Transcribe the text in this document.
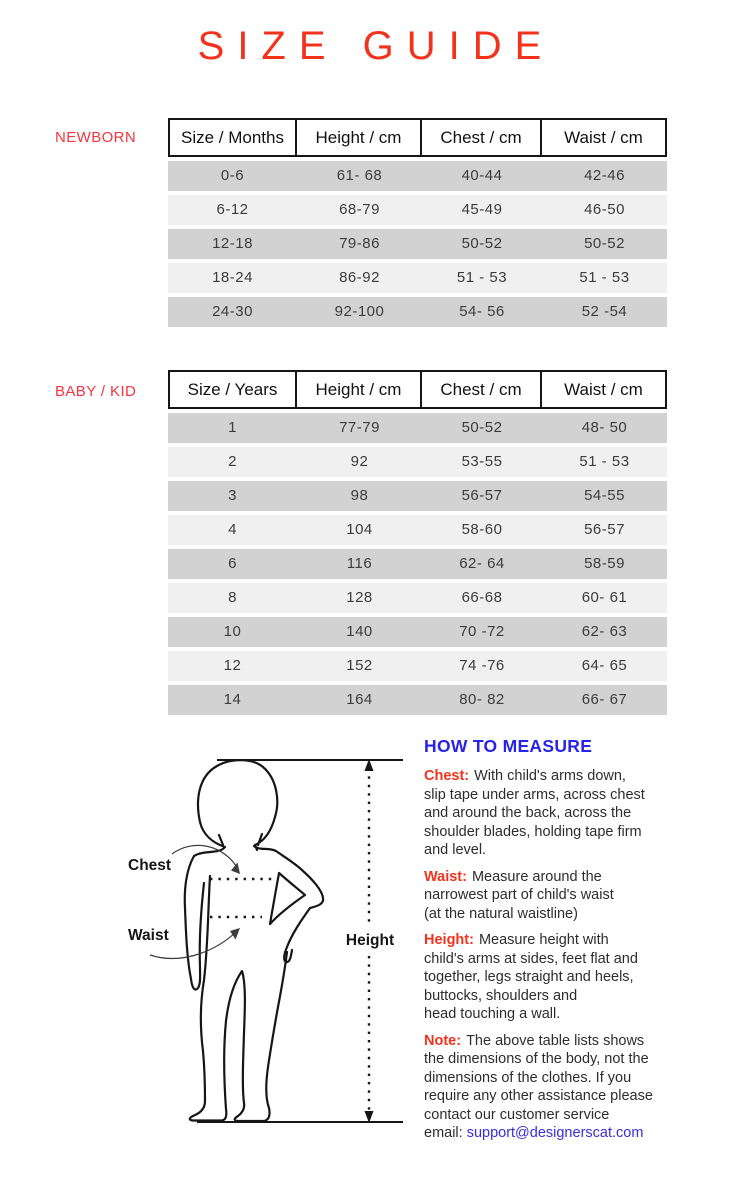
SIZE GUIDE
NEWBORN	Size / Months	Height / cm	Chest / cm	Waist / cm
0-6	61- 68	40-44	42-46
6-12	68-79	45-49	46-50
12-18	79-86	50-52	50-52
18-24	86-92	51 - 53	51 - 53
24-30	92-100	54- 56	52 -54
BABY / KID	Size / Years	Height / cm	Chest / cm	Waist / cm
1	77-79	50-52	48- 50
2	92	53-55	51 - 53
3	98	56-57	54-55
4	104	58-60	56-57
6	116	62- 64	58-59
8	128	66-68	60- 61
10	140	70 -72	62- 63
12	152	74 -76	64- 65
14	164	80- 82	66- 67
Height
Chest
Waist
HOW TO MEASURE

Chest: With child's arms down,
slip tape under arms, across chest
and around the back, across the
shoulder blades, holding tape firm
and level.

Waist: Measure around the
narrowest part of child's waist
(at the natural waistline)

Height: Measure height with
child's arms at sides, feet flat and
together, legs straight and heels,
buttocks, shoulders and
head touching a wall.

Note: The above table lists shows
the dimensions of the body, not the
dimensions of the clothes. If you
require any other assistance please
contact our customer service
email: support@designerscat.com
